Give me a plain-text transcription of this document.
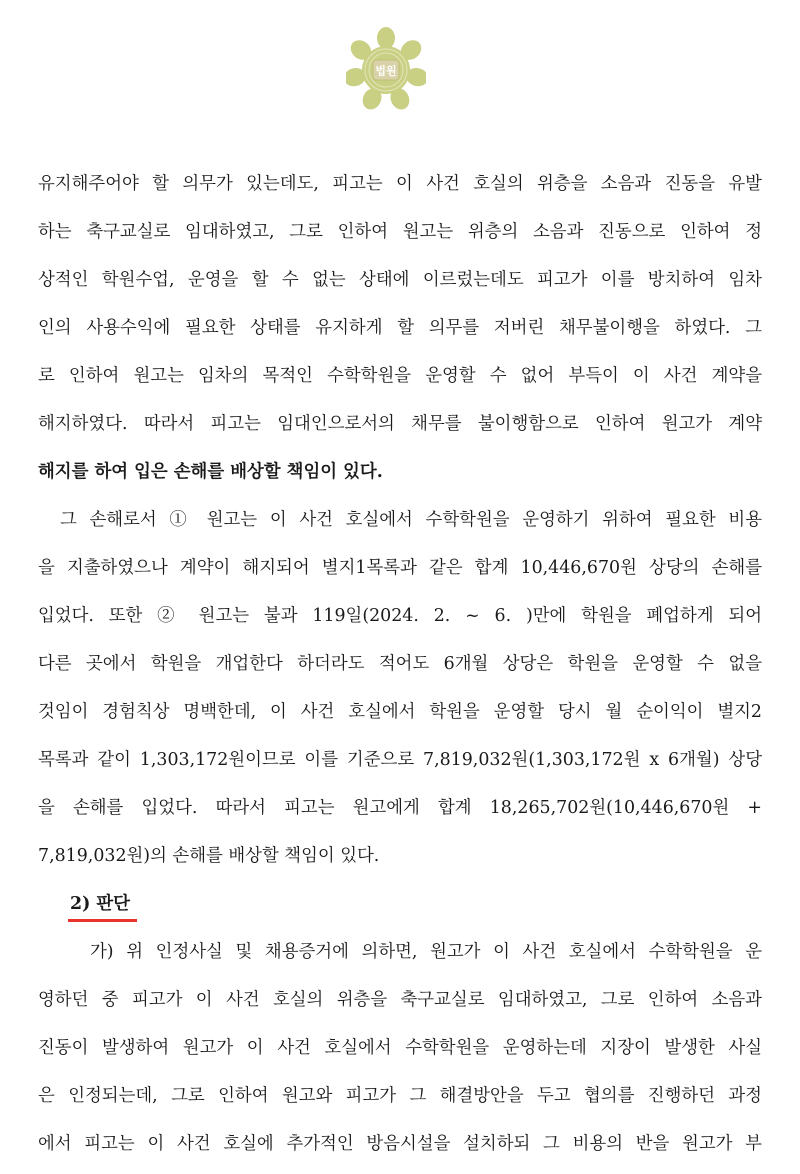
법원
유지해주어야 할 의무가 있는데도, 피고는 이 사건 호실의 위층을 소음과 진동을 유발
하는 축구교실로 임대하였고, 그로 인하여 원고는 위층의 소음과 진동으로 인하여 정
상적인 학원수업, 운영을 할 수 없는 상태에 이르렀는데도 피고가 이를 방치하여 임차
인의 사용수익에 필요한 상태를 유지하게 할 의무를 저버린 채무불이행을 하였다. 그
로 인하여 원고는 임차의 목적인 수학학원을 운영할 수 없어 부득이 이 사건 계약을
해지하였다. 따라서 피고는 임대인으로서의 채무를 불이행함으로 인하여 원고가 계약
해지를 하여 입은 손해를 배상할 책임이 있다.
그 손해로서 ① 원고는 이 사건 호실에서 수학학원을 운영하기 위하여 필요한 비용
을 지출하였으나 계약이 해지되어 별지1목록과 같은 합계 10,446,670원 상당의 손해를
입었다. 또한 ② 원고는 불과 119일(2024. 2. ~ 6. )만에 학원을 폐업하게 되어
다른 곳에서 학원을 개업한다 하더라도 적어도 6개월 상당은 학원을 운영할 수 없을
것임이 경험칙상 명백한데, 이 사건 호실에서 학원을 운영할 당시 월 순이익이 별지2
목록과 같이 1,303,172원이므로 이를 기준으로 7,819,032원(1,303,172원 x 6개월) 상당
을 손해를 입었다. 따라서 피고는 원고에게 합계 18,265,702원(10,446,670원 +
7,819,032원)의 손해를 배상할 책임이 있다.
2) 판단
가) 위 인정사실 및 채용증거에 의하면, 원고가 이 사건 호실에서 수학학원을 운
영하던 중 피고가 이 사건 호실의 위층을 축구교실로 임대하였고, 그로 인하여 소음과
진동이 발생하여 원고가 이 사건 호실에서 수학학원을 운영하는데 지장이 발생한 사실
은 인정되는데, 그로 인하여 원고와 피고가 그 해결방안을 두고 협의를 진행하던 과정
에서 피고는 이 사건 호실에 추가적인 방음시설을 설치하되 그 비용의 반을 원고가 부
